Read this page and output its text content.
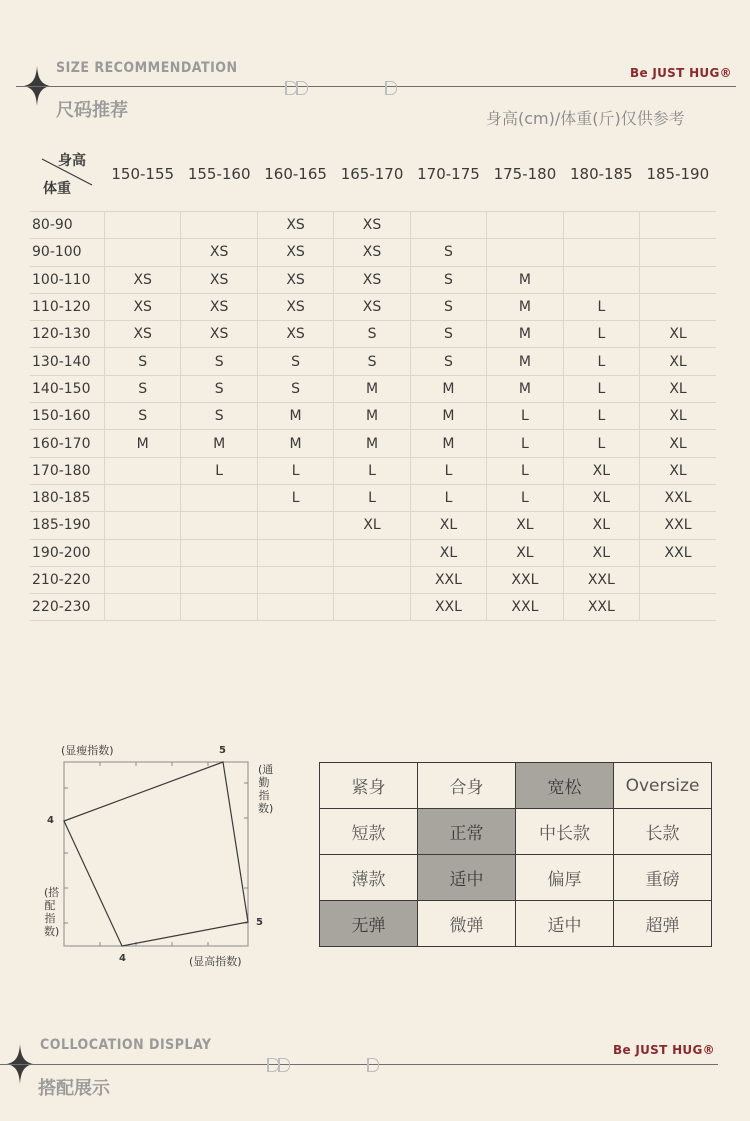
SIZE RECOMMENDATION
尺码推荐
Be JUST HUG®
身高(cm)/体重(斤)仅供参考
身高
体重	150-155	155-160	160-165	165-170	170-175	175-180	180-185	185-190

80-90			XS	XS				
90-100		XS	XS	XS	S			
100-110	XS	XS	XS	XS	S	M		
110-120	XS	XS	XS	XS	S	M	L	
120-130	XS	XS	XS	S	S	M	L	XL
130-140	S	S	S	S	S	M	L	XL
140-150	S	S	S	M	M	M	L	XL
150-160	S	S	M	M	M	L	L	XL
160-170	M	M	M	M	M	L	L	XL
170-180		L	L	L	L	L	XL	XL
180-185			L	L	L	L	XL	XXL
185-190				XL	XL	XL	XL	XXL
190-200					XL	XL	XL	XXL
210-220					XXL	XXL	XXL	
220-230					XXL	XXL	XXL	
(显瘦指数)	5
(通勤指数)
4
(搭配指数)
5
4	(显高指数)
紧身	合身	宽松	Oversize
短款	正常	中长款	长款
薄款	适中	偏厚	重磅
无弹	微弹	适中	超弹
COLLOCATION DISPLAY
搭配展示
Be JUST HUG®
